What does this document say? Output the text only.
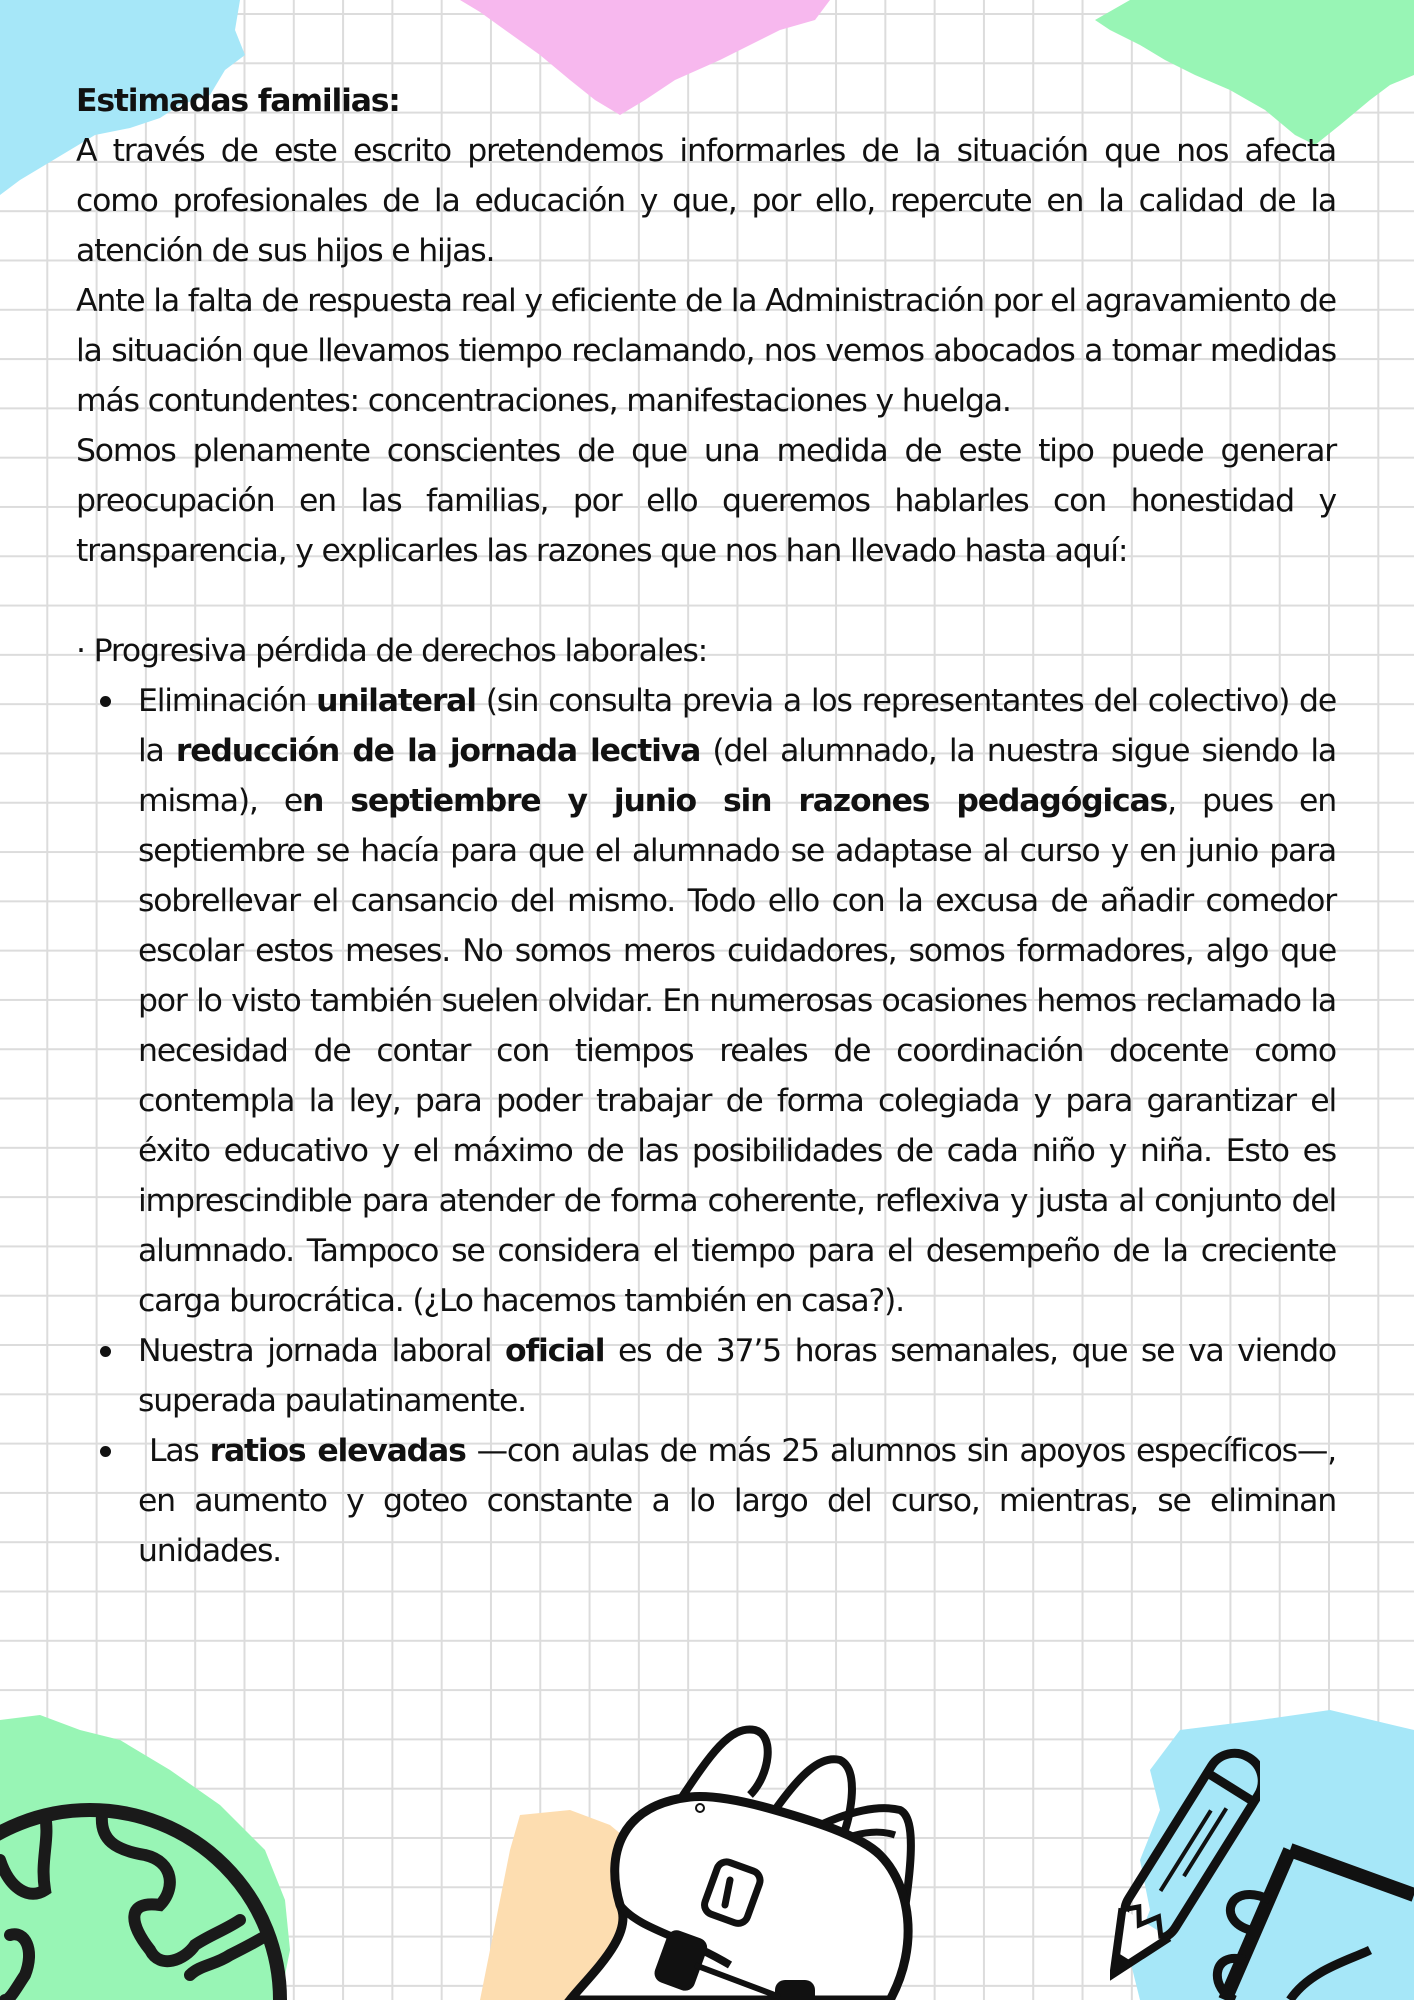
Estimadas familias:

A través de este escrito pretendemos informarles de la situación que nos afecta como profesionales de la educación y que, por ello, repercute en la calidad de la atención de sus hijos e hijas.

Ante la falta de respuesta real y eficiente de la Administración por el agravamiento de la situación que llevamos tiempo reclamando, nos vemos abocados a tomar medidas más contundentes: concentraciones, manifestaciones y huelga.

Somos plenamente conscientes de que una medida de este tipo puede generar preocupación en las familias, por ello queremos hablarles con honestidad y transparencia, y explicarles las razones que nos han llevado hasta aquí:

· Progresiva pérdida de derechos laborales:

Eliminación unilateral (sin consulta previa a los representantes del colectivo) de la reducción de la jornada lectiva (del alumnado, la nuestra sigue siendo la misma), en septiembre y junio sin razones pedagógicas, pues en septiembre se hacía para que el alumnado se adaptase al curso y en junio para sobrellevar el cansancio del mismo. Todo ello con la excusa de añadir comedor escolar estos meses. No somos meros cuidadores, somos formadores, algo que por lo visto también suelen olvidar. En numerosas ocasiones hemos reclamado la necesidad de contar con tiempos reales de coordinación docente como contempla la ley, para poder trabajar de forma colegiada y para garantizar el éxito educativo y el máximo de las posibilidades de cada niño y niña. Esto es imprescindible para atender de forma coherente, reflexiva y justa al conjunto del alumnado. Tampoco se considera el tiempo para el desempeño de la creciente carga burocrática. (¿Lo hacemos también en casa?).
Nuestra jornada laboral oficial es de 37’5 horas semanales, que se va viendo superada paulatinamente.
Las ratios elevadas —con aulas de más 25 alumnos sin apoyos específicos—, en aumento y goteo constante a lo largo del curso, mientras, se eliminan unidades.
